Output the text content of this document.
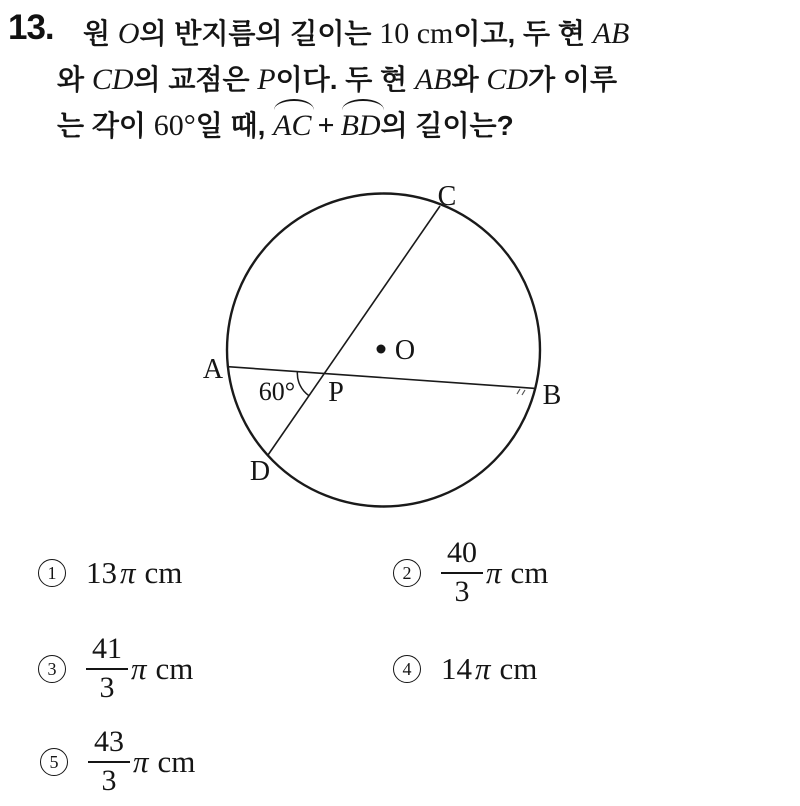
13.	원 O의 반지름의 길이는 10 cm이고, 두 현 AB
와 CD의 교점은 P이다. 두 현 AB와 CD가 이루
는 각이 60°일 때, AC + BD의 길이는?
C
A
B
D
P
O
60°
1 13 π cm	$2 \frac{40}{3}$ π cm
$3 \frac{41}{3}$ π cm	4 14 π cm
$5 \frac{43}{3}$ π cm
